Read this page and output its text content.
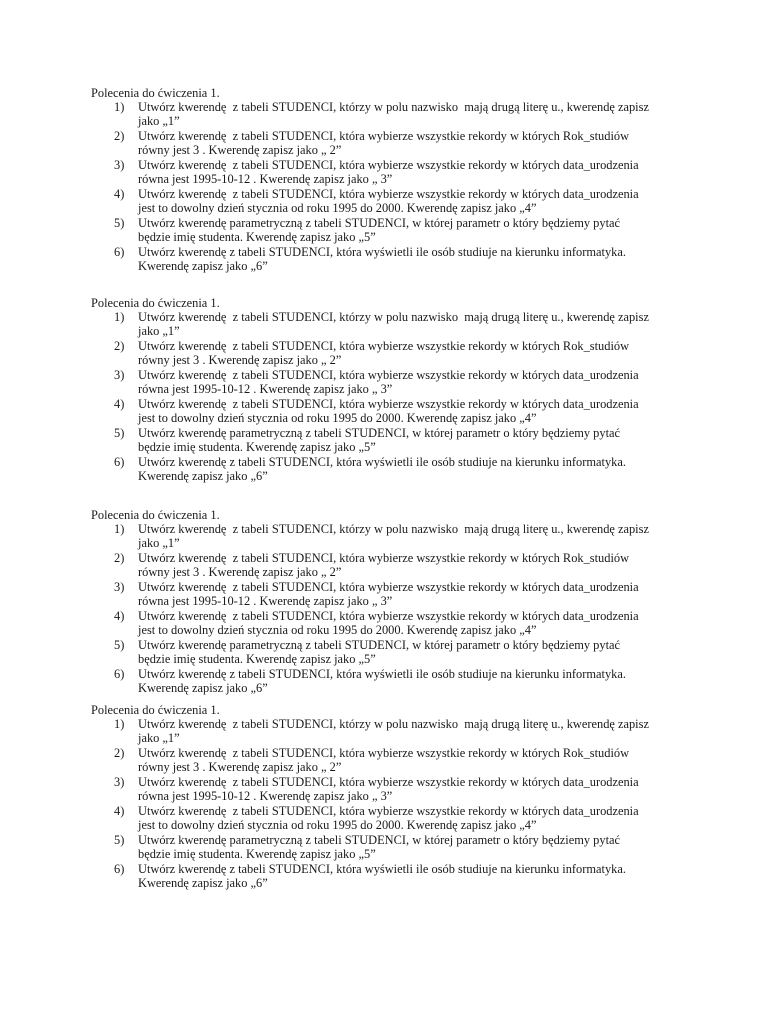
Polecenia do ćwiczenia 1.

1) Utwórz kwerendę  z tabeli STUDENCI, którzy w polu nazwisko  mają drugą literę u., kwerendę zapisz
jako „1”
2) Utwórz kwerendę  z tabeli STUDENCI, która wybierze wszystkie rekordy w których Rok_studiów
równy jest 3 . Kwerendę zapisz jako „ 2”
3) Utwórz kwerendę  z tabeli STUDENCI, która wybierze wszystkie rekordy w których data_urodzenia
równa jest 1995-10-12 . Kwerendę zapisz jako „ 3”
4) Utwórz kwerendę  z tabeli STUDENCI, która wybierze wszystkie rekordy w których data_urodzenia
jest to dowolny dzień stycznia od roku 1995 do 2000. Kwerendę zapisz jako „4”
5) Utwórz kwerendę parametryczną z tabeli STUDENCI, w której parametr o który będziemy pytać
będzie imię studenta. Kwerendę zapisz jako „5”
6) Utwórz kwerendę z tabeli STUDENCI, która wyświetli ile osób studiuje na kierunku informatyka.
Kwerendę zapisz jako „6”

Polecenia do ćwiczenia 1.

1) Utwórz kwerendę  z tabeli STUDENCI, którzy w polu nazwisko  mają drugą literę u., kwerendę zapisz
jako „1”
2) Utwórz kwerendę  z tabeli STUDENCI, która wybierze wszystkie rekordy w których Rok_studiów
równy jest 3 . Kwerendę zapisz jako „ 2”
3) Utwórz kwerendę  z tabeli STUDENCI, która wybierze wszystkie rekordy w których data_urodzenia
równa jest 1995-10-12 . Kwerendę zapisz jako „ 3”
4) Utwórz kwerendę  z tabeli STUDENCI, która wybierze wszystkie rekordy w których data_urodzenia
jest to dowolny dzień stycznia od roku 1995 do 2000. Kwerendę zapisz jako „4”
5) Utwórz kwerendę parametryczną z tabeli STUDENCI, w której parametr o który będziemy pytać
będzie imię studenta. Kwerendę zapisz jako „5”
6) Utwórz kwerendę z tabeli STUDENCI, która wyświetli ile osób studiuje na kierunku informatyka.
Kwerendę zapisz jako „6”

Polecenia do ćwiczenia 1.

1) Utwórz kwerendę  z tabeli STUDENCI, którzy w polu nazwisko  mają drugą literę u., kwerendę zapisz
jako „1”
2) Utwórz kwerendę  z tabeli STUDENCI, która wybierze wszystkie rekordy w których Rok_studiów
równy jest 3 . Kwerendę zapisz jako „ 2”
3) Utwórz kwerendę  z tabeli STUDENCI, która wybierze wszystkie rekordy w których data_urodzenia
równa jest 1995-10-12 . Kwerendę zapisz jako „ 3”
4) Utwórz kwerendę  z tabeli STUDENCI, która wybierze wszystkie rekordy w których data_urodzenia
jest to dowolny dzień stycznia od roku 1995 do 2000. Kwerendę zapisz jako „4”
5) Utwórz kwerendę parametryczną z tabeli STUDENCI, w której parametr o który będziemy pytać
będzie imię studenta. Kwerendę zapisz jako „5”
6) Utwórz kwerendę z tabeli STUDENCI, która wyświetli ile osób studiuje na kierunku informatyka.
Kwerendę zapisz jako „6”

Polecenia do ćwiczenia 1.

1) Utwórz kwerendę  z tabeli STUDENCI, którzy w polu nazwisko  mają drugą literę u., kwerendę zapisz
jako „1”
2) Utwórz kwerendę  z tabeli STUDENCI, która wybierze wszystkie rekordy w których Rok_studiów
równy jest 3 . Kwerendę zapisz jako „ 2”
3) Utwórz kwerendę  z tabeli STUDENCI, która wybierze wszystkie rekordy w których data_urodzenia
równa jest 1995-10-12 . Kwerendę zapisz jako „ 3”
4) Utwórz kwerendę  z tabeli STUDENCI, która wybierze wszystkie rekordy w których data_urodzenia
jest to dowolny dzień stycznia od roku 1995 do 2000. Kwerendę zapisz jako „4”
5) Utwórz kwerendę parametryczną z tabeli STUDENCI, w której parametr o który będziemy pytać
będzie imię studenta. Kwerendę zapisz jako „5”
6) Utwórz kwerendę z tabeli STUDENCI, która wyświetli ile osób studiuje na kierunku informatyka.
Kwerendę zapisz jako „6”
